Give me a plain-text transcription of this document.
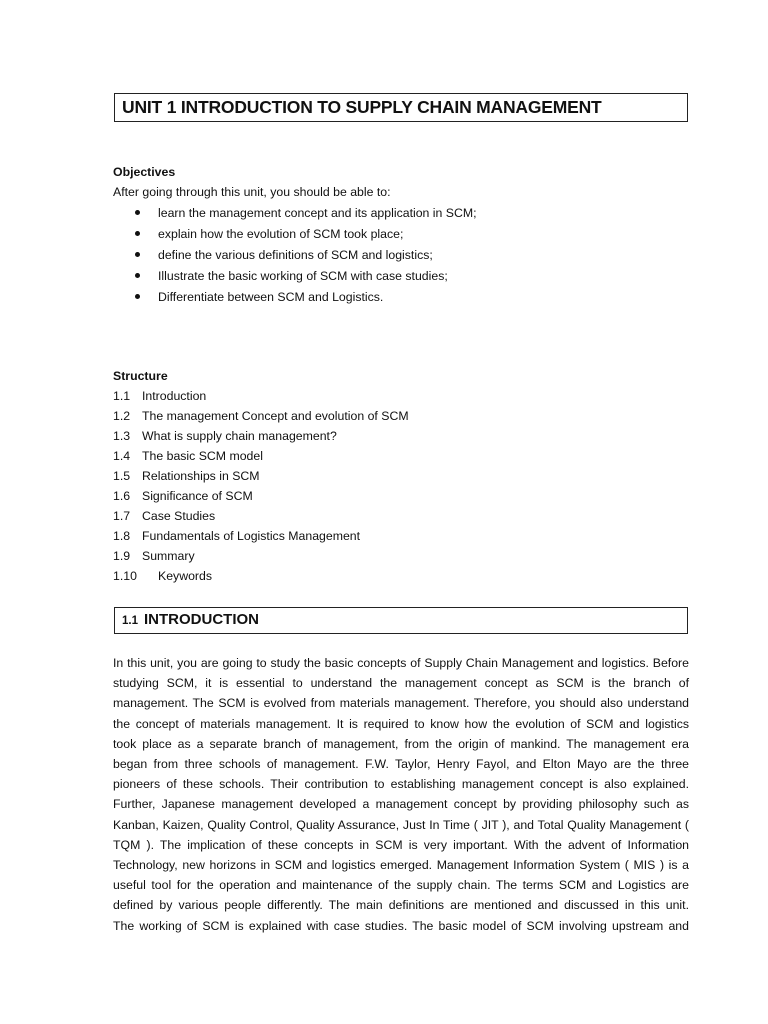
UNIT 1 INTRODUCTION TO SUPPLY CHAIN MANAGEMENT
Objectives
After going through this unit, you should be able to:
learn the management concept and its application in SCM;
explain how the evolution of SCM took place;
define the various definitions of SCM and logistics;
Illustrate the basic working of SCM with case studies;
Differentiate between SCM and Logistics.
Structure
1.1 Introduction
1.2 The management Concept and evolution of SCM
1.3 What is supply chain management?
1.4 The basic SCM model
1.5 Relationships in SCM
1.6 Significance of SCM
1.7 Case Studies
1.8 Fundamentals of Logistics Management
1.9 Summary
1.10 Keywords
1.1 INTRODUCTION

In this unit, you are going to study the basic concepts of Supply Chain Management and logistics. Before
studying SCM, it is essential to understand the management concept as SCM is the branch of
management. The SCM is evolved from materials management. Therefore, you should also understand
the concept of materials management. It is required to know how the evolution of SCM and logistics
took place as a separate branch of management, from the origin of mankind. The management era
began from three schools of management. F.W. Taylor, Henry Fayol, and Elton Mayo are the three
pioneers of these schools. Their contribution to establishing management concept is also explained.
Further, Japanese management developed a management concept by providing philosophy such as
Kanban, Kaizen, Quality Control, Quality Assurance, Just In Time ( JIT ), and Total Quality Management (
TQM ). The implication of these concepts in SCM is very important. With the advent of Information
Technology, new horizons in SCM and logistics emerged. Management Information System ( MIS ) is a
useful tool for the operation and maintenance of the supply chain. The terms SCM and Logistics are
defined by various people differently. The main definitions are mentioned and discussed in this unit.
The working of SCM is explained with case studies. The basic model of SCM involving upstream and
